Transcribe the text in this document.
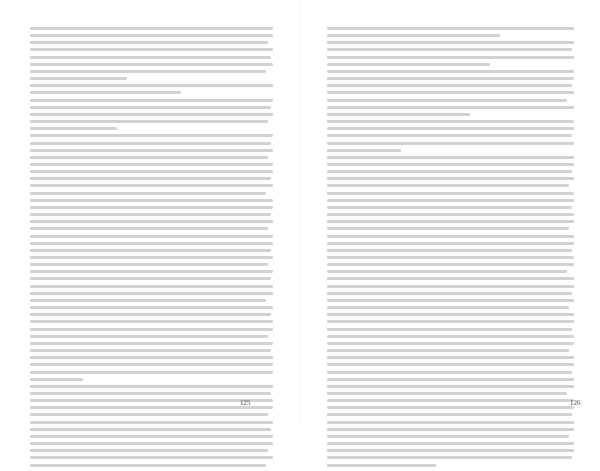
125	126
